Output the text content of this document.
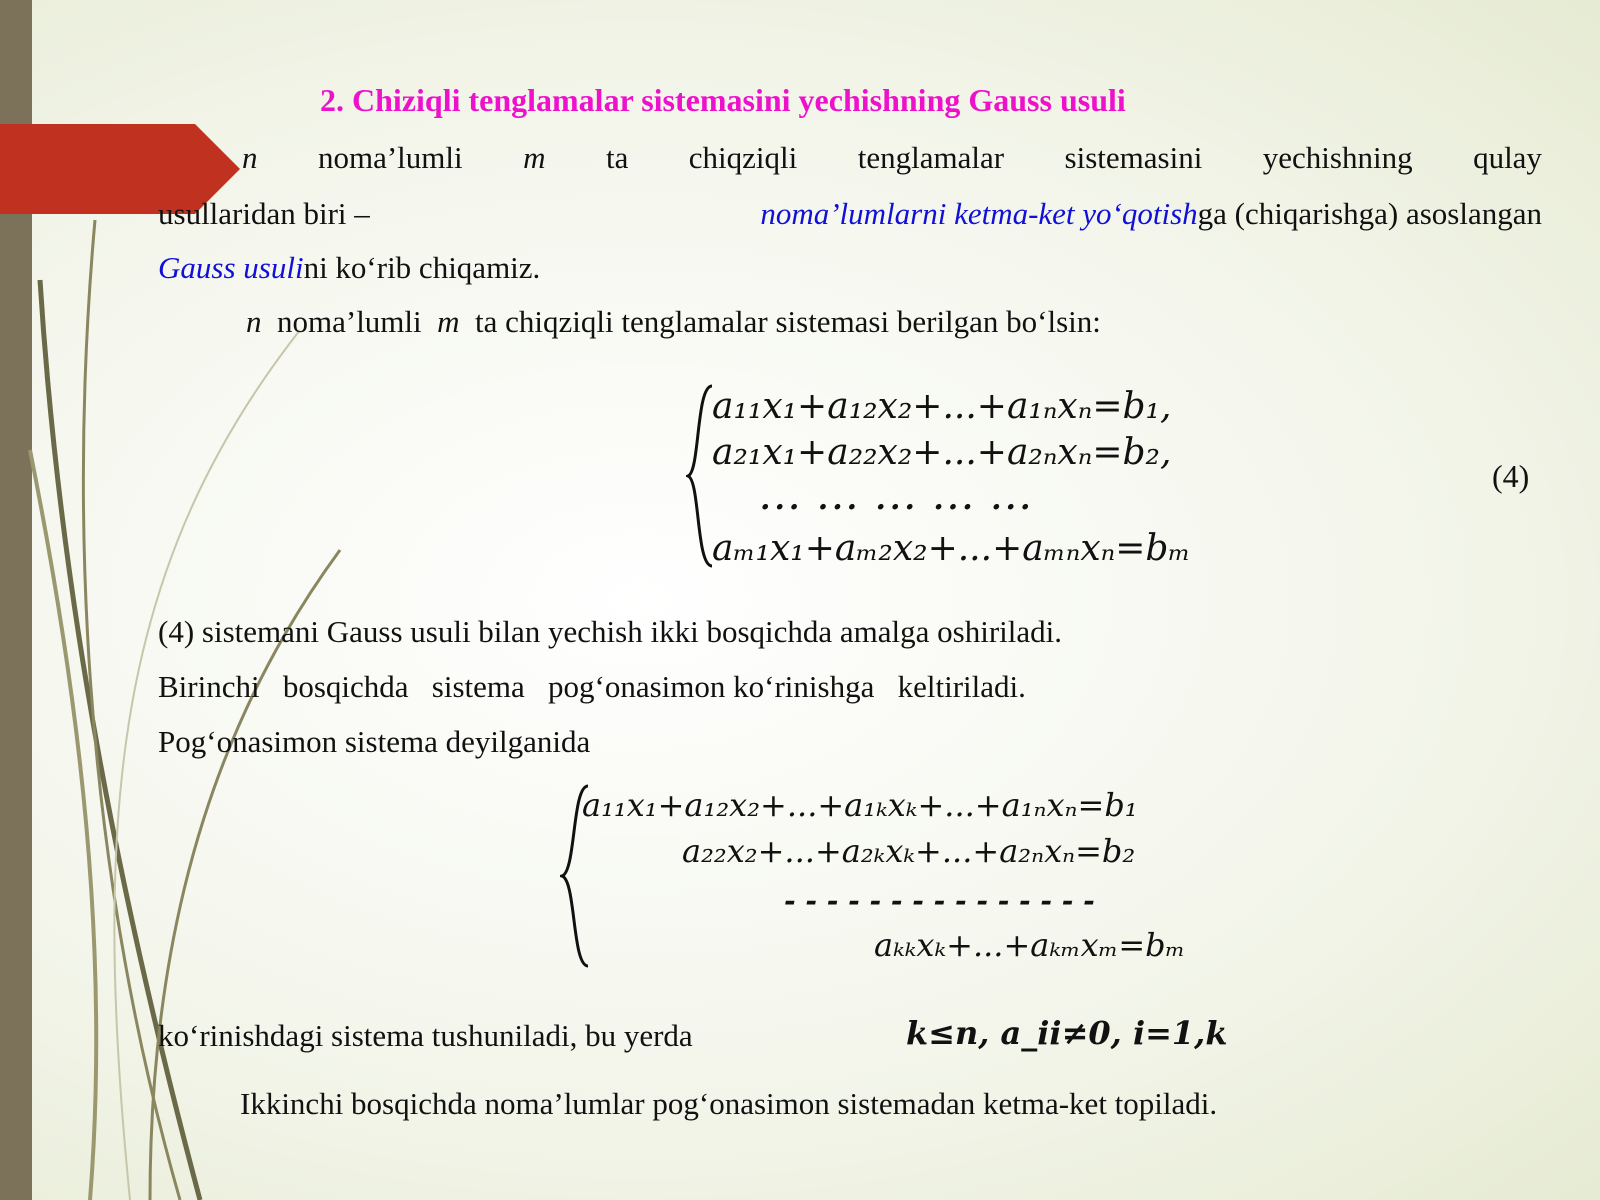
2. Chiziqli tenglamalar sistemasini yechishning Gauss usuli
n noma’lumli m ta chiqziqli tenglamalar sistemasini yechishning qulay
usullaridan biri –	noma’lumlarni ketma-ket yo‘qotishga (chiqarishga) asoslangan
Gauss usulini ko‘rib chiqamiz.
n noma’lumli m ta chiqziqli tenglamalar sistemasi berilgan bo‘lsin:
a₁₁x₁+a₁₂x₂+...+a₁ₙxₙ=b₁,
a₂₁x₁+a₂₂x₂+...+a₂ₙxₙ=b₂,
... ... ... ... ...
aₘ₁x₁+aₘ₂x₂+...+aₘₙxₙ=bₘ
(4)
(4) sistemani Gauss usuli bilan yechish ikki bosqichda amalga oshiriladi.
Birinchi   bosqichda   sistema   pog‘onasimon ko‘rinishga   keltiriladi.
Pog‘onasimon sistema deyilganida
a₁₁x₁+a₁₂x₂+...+a₁ₖxₖ+...+a₁ₙxₙ=b₁
a₂₂x₂+...+a₂ₖxₖ+...+a₂ₙxₙ=b₂
- - - - - - - - - - - - - - -
aₖₖxₖ+...+aₖₘxₘ=bₘ
ko‘rinishdagi sistema tushuniladi, bu yerda	k≤n, a_ii≠0, i=1,k
Ikkinchi bosqichda noma’lumlar pog‘onasimon sistemadan ketma-ket topiladi.
